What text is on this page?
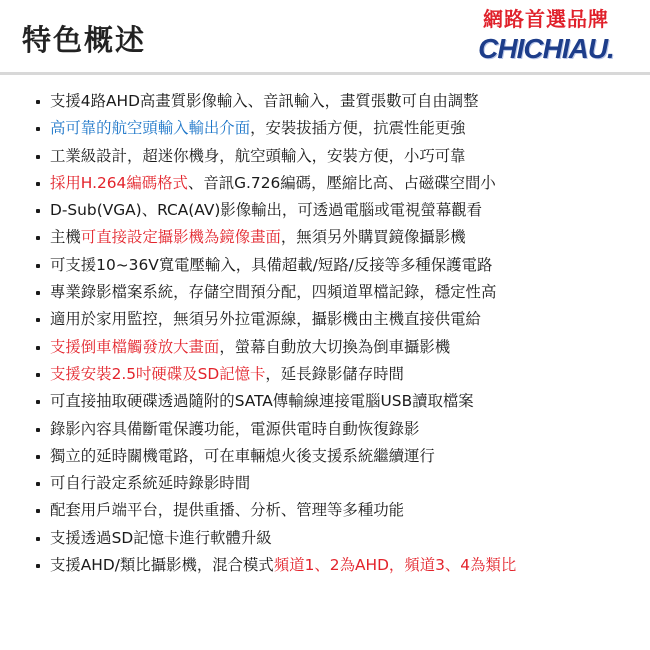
特色概述
網路首選品牌
CHICHIAU.
支援4路AHD高畫質影像輸入、音訊輸入，畫質張數可自由調整
高可靠的航空頭輸入輸出介面，安裝拔插方便，抗震性能更強
工業級設計，超迷你機身，航空頭輸入，安裝方便，小巧可靠
採用H.264編碼格式、音訊G.726編碼，壓縮比高、占磁碟空間小
D-Sub(VGA)、RCA(AV)影像輸出，可透過電腦或電視螢幕觀看
主機可直接設定攝影機為鏡像畫面，無須另外購買鏡像攝影機
可支援10~36V寬電壓輸入，具備超載/短路/反接等多種保護電路
專業錄影檔案系統，存儲空間預分配，四頻道單檔記錄，穩定性高
適用於家用監控，無須另外拉電源線，攝影機由主機直接供電給
支援倒車檔觸發放大畫面，螢幕自動放大切換為倒車攝影機
支援安裝2.5吋硬碟及SD記憶卡，延長錄影儲存時間
可直接抽取硬碟透過隨附的SATA傳輸線連接電腦USB讀取檔案
錄影內容具備斷電保護功能，電源供電時自動恢復錄影
獨立的延時關機電路，可在車輛熄火後支援系統繼續運行
可自行設定系統延時錄影時間
配套用戶端平台，提供重播、分析、管理等多種功能
支援透過SD記憶卡進行軟體升級
支援AHD/類比攝影機，混合模式頻道1、2為AHD，頻道3、4為類比
